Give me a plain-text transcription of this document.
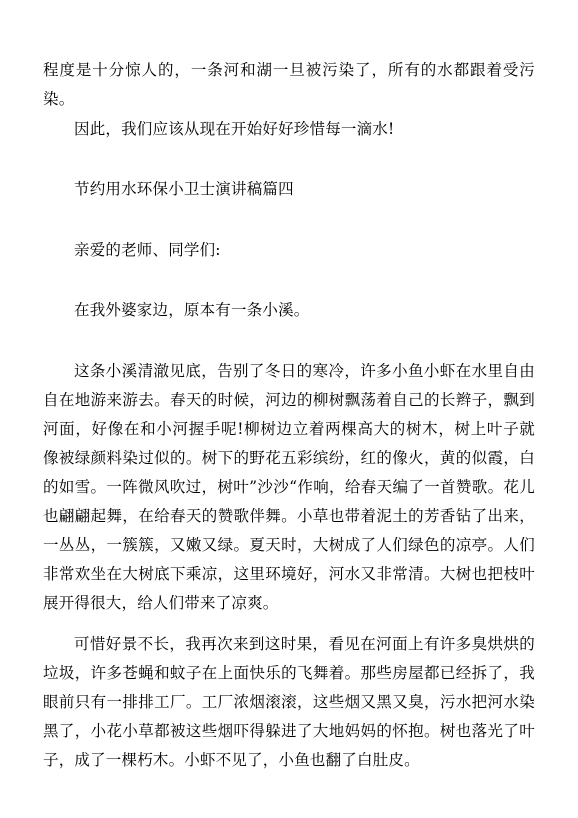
程度是十分惊人的，一条河和湖一旦被污染了，所有的水都跟着受污染。

因此，我们应该从现在开始好好珍惜每一滴水!

节约用水环保小卫士演讲稿篇四

亲爱的老师、同学们:

在我外婆家边，原本有一条小溪。

这条小溪清澈见底，告别了冬日的寒冷，许多小鱼小虾在水里自由自在地游来游去。春天的时候，河边的柳树飘荡着自己的长辫子，飘到河面，好像在和小河握手呢!柳树边立着两棵高大的树木，树上叶子就像被绿颜料染过似的。树下的野花五彩缤纷，红的像火，黄的似霞，白的如雪。一阵微风吹过，树叶”沙沙“作响，给春天编了一首赞歌。花儿也翩翩起舞，在给春天的赞歌伴舞。小草也带着泥土的芳香钻了出来，一丛丛，一簇簇，又嫩又绿。夏天时，大树成了人们绿色的凉亭。人们非常欢坐在大树底下乘凉，这里环境好，河水又非常清。大树也把枝叶展开得很大，给人们带来了凉爽。

可惜好景不长，我再次来到这时果，看见在河面上有许多臭烘烘的垃圾，许多苍蝇和蚊子在上面快乐的飞舞着。那些房屋都已经拆了，我眼前只有一排排工厂。工厂浓烟滚滚，这些烟又黑又臭，污水把河水染黑了，小花小草都被这些烟吓得躲进了大地妈妈的怀抱。树也落光了叶子，成了一棵朽木。小虾不见了，小鱼也翻了白肚皮。
